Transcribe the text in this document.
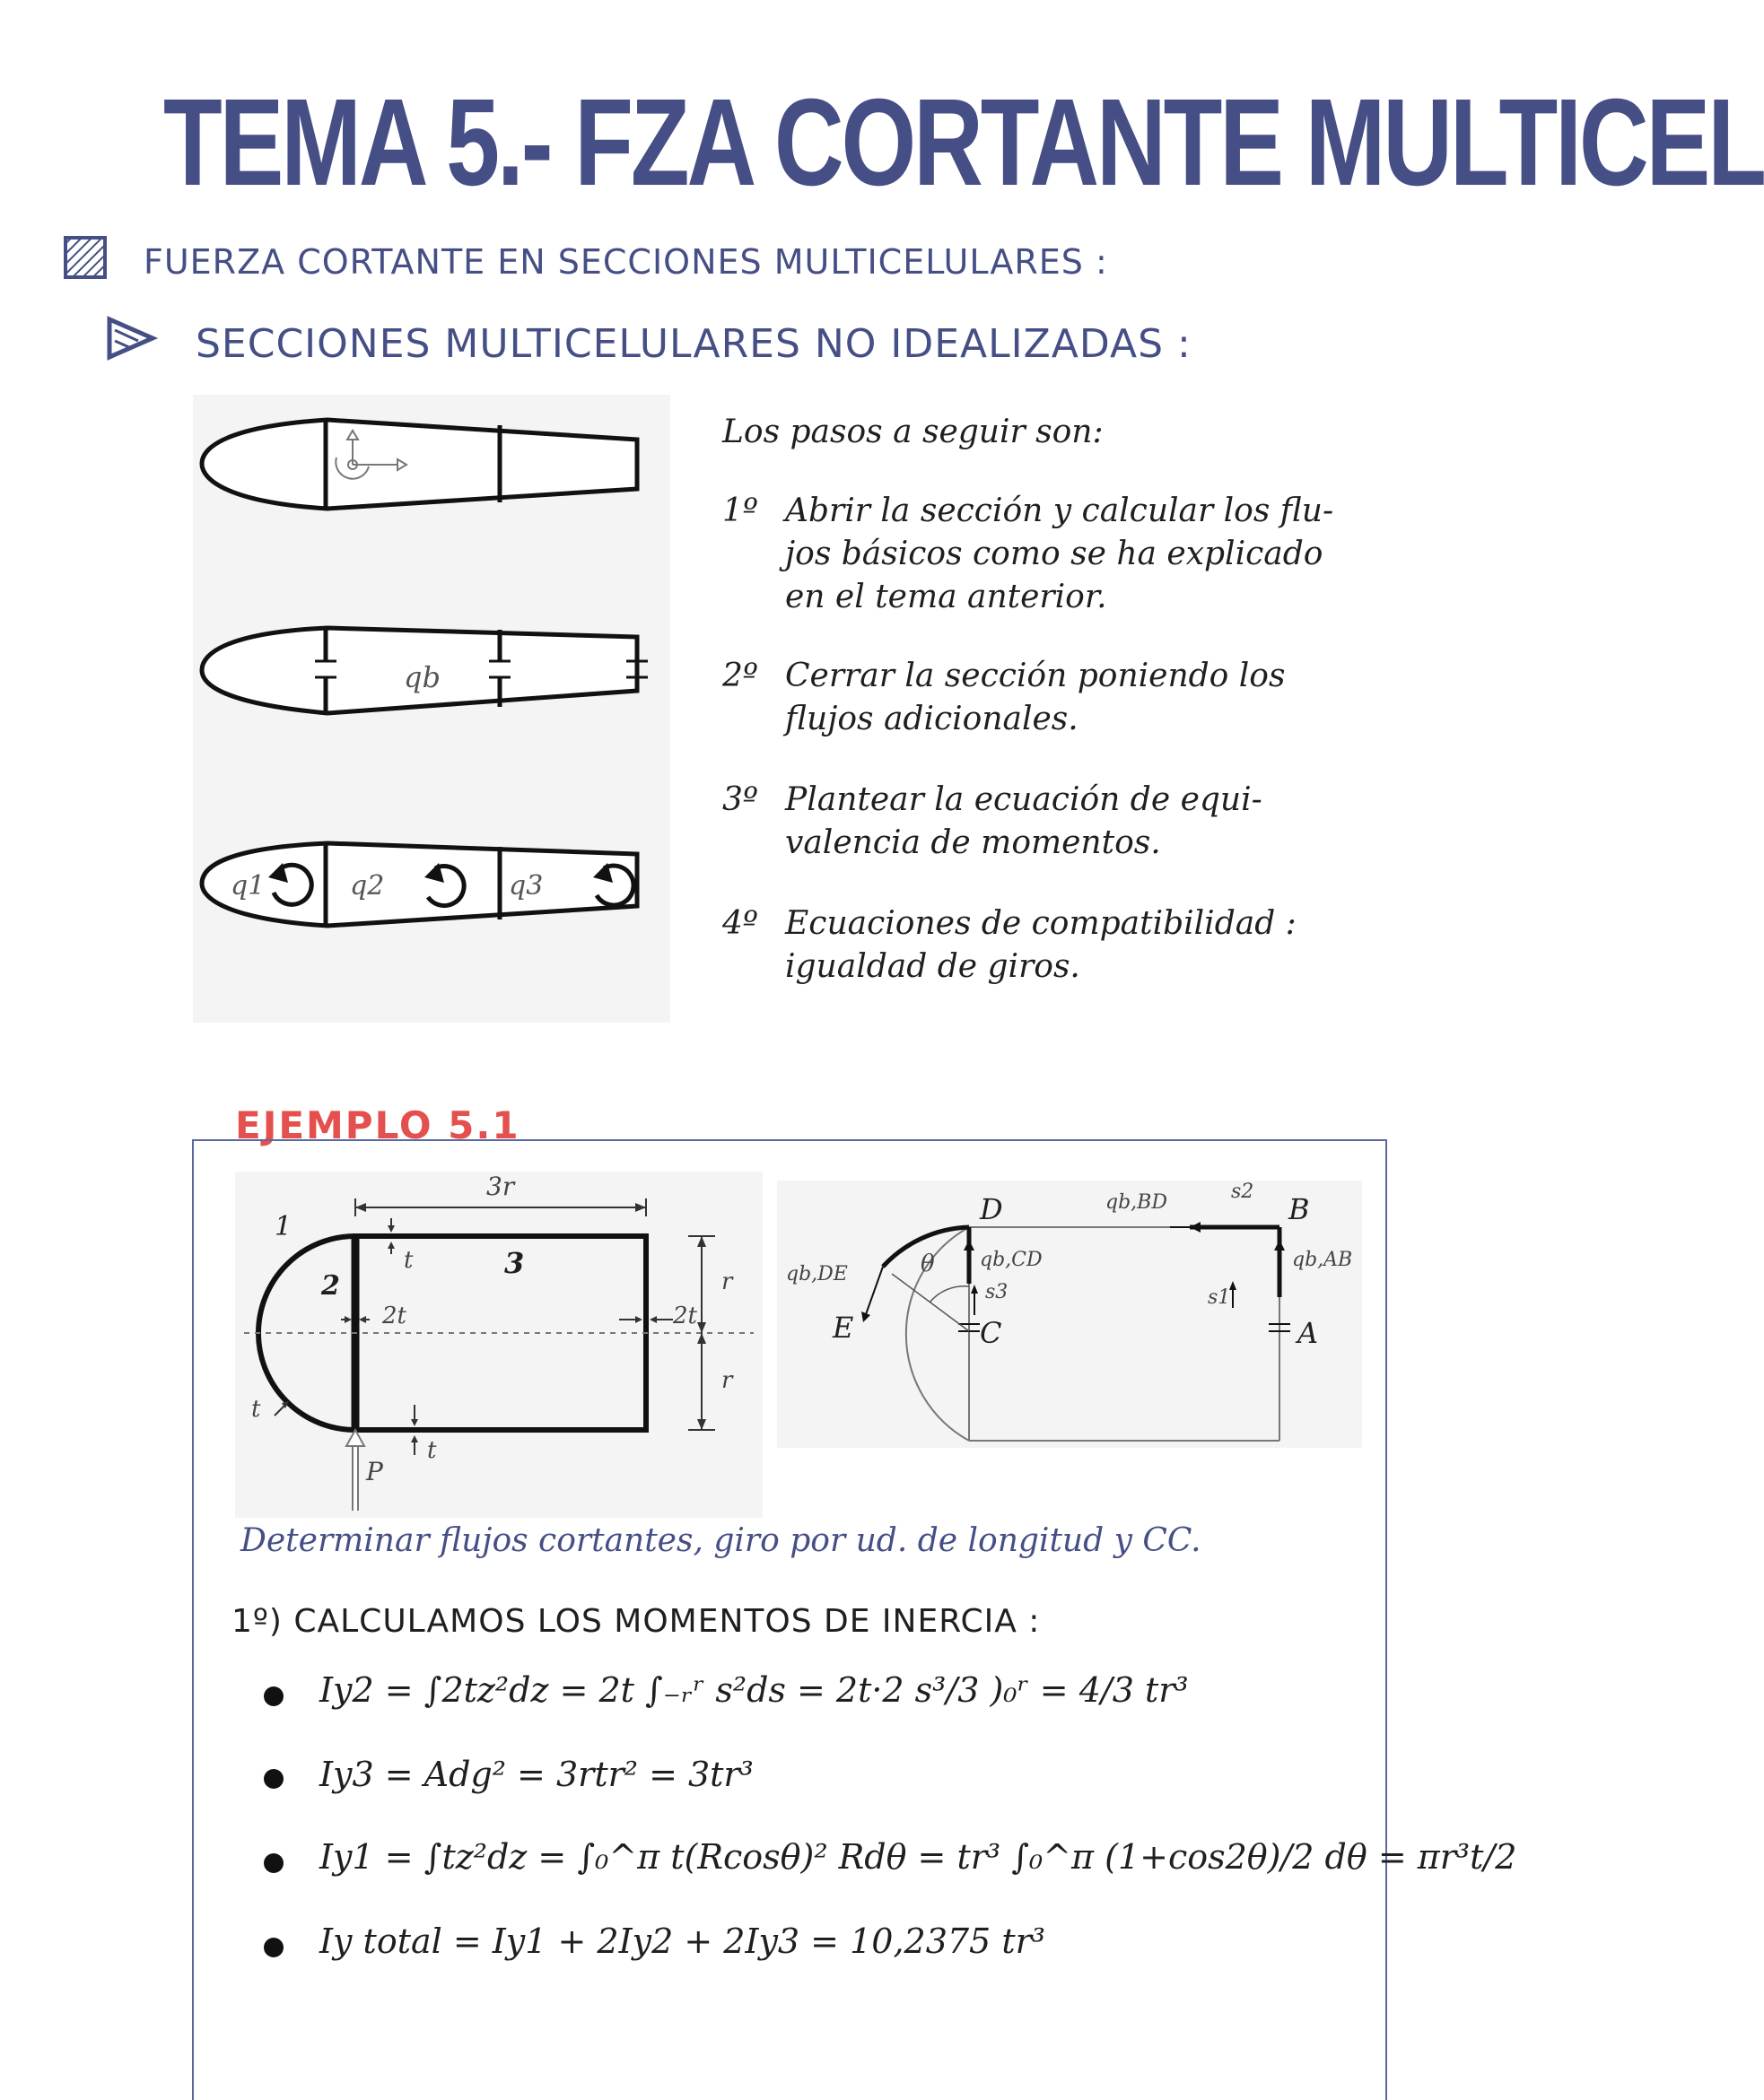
TEMA 5.- FZA CORTANTE MULTICEL
FUERZA CORTANTE EN SECCIONES MULTICELULARES :
SECCIONES MULTICELULARES NO IDEALIZADAS :
qb
q1	q2	q3
Los pasos a seguir son:
1º Abrir la sección y calcular los flu-
jos básicos como se ha explicado
en el tema anterior.
2º Cerrar la sección poniendo los
flujos adicionales.
3º Plantear la ecuación de equi-
valencia de momentos.
4º Ecuaciones de compatibilidad :
igualdad de giros.
EJEMPLO 5.1
3r
1
2
3
t
2t	2t
r
r
t
t
P
D	B
E	C	A
qb,BD	s2
qb,AB
qb,CD
qb,DE	θ
s3	s1
Determinar flujos cortantes, giro por ud. de longitud y CC.
1º) CALCULAMOS LOS MOMENTOS DE INERCIA :
Iy2 = ∫2tz²dz = 2t ∫₋ᵣʳ s²ds = 2t·2 s³/3 )₀ʳ = 4/3 tr³
Iy3 = Adg² = 3rtr² = 3tr³
Iy1 = ∫tz²dz = ∫₀^π t(Rcosθ)² Rdθ = tr³ ∫₀^π (1+cos2θ)/2 dθ = πr³t/2
Iy total = Iy1 + 2Iy2 + 2Iy3 = 10,2375 tr³
